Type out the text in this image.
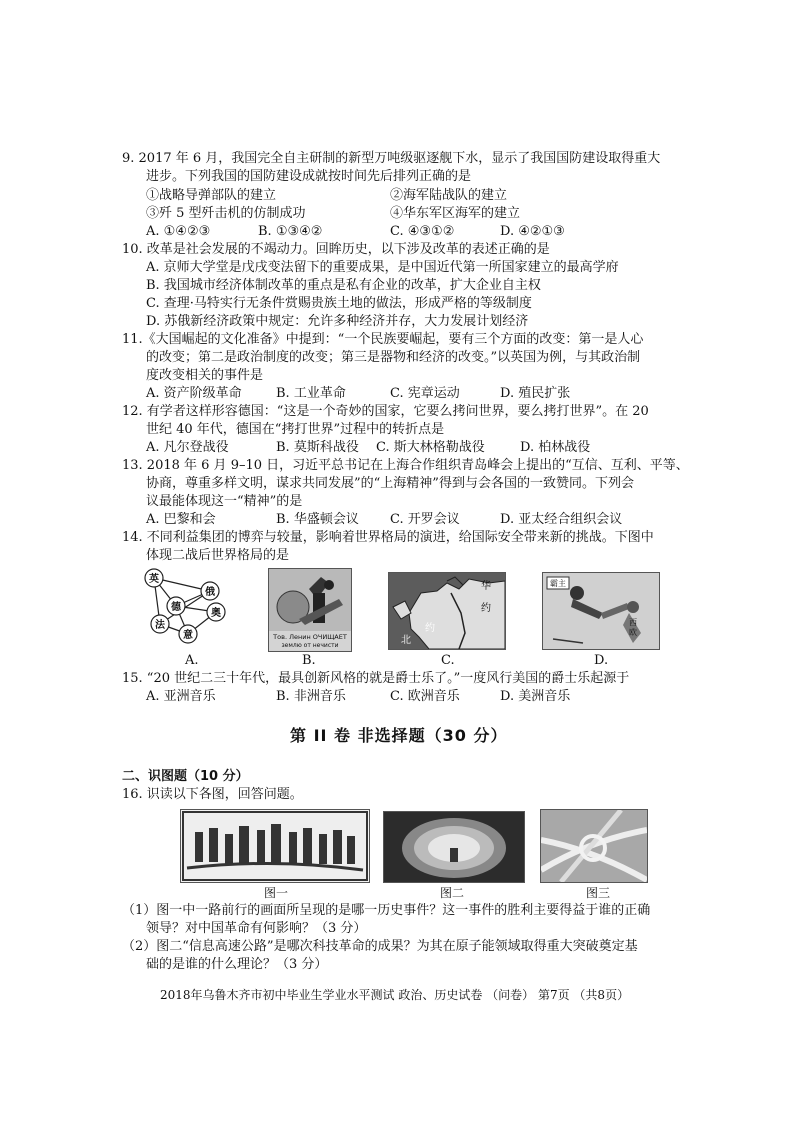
9. 2017 年 6 月，我国完全自主研制的新型万吨级驱逐舰下水，显示了我国国防建设取得重大
进步。下列我国的国防建设成就按时间先后排列正确的是
①战略导弹部队的建立	②海军陆战队的建立
③歼 5 型歼击机的仿制成功	④华东军区海军的建立
A. ①④②③	B. ①③④②	C. ④③①②	D. ④②①③
10. 改革是社会发展的不竭动力。回眸历史，以下涉及改革的表述正确的是
A. 京师大学堂是戊戌变法留下的重要成果，是中国近代第一所国家建立的最高学府
B. 我国城市经济体制改革的重点是私有企业的改革，扩大企业自主权
C. 查理·马特实行无条件赏赐贵族土地的做法，形成严格的等级制度
D. 苏俄新经济政策中规定：允许多种经济并存，大力发展计划经济
11.《大国崛起的文化准备》中提到：“一个民族要崛起，要有三个方面的改变：第一是人心
的改变；第二是政治制度的改变；第三是器物和经济的改变。”以英国为例，与其政治制
度改变相关的事件是
A. 资产阶级革命	B. 工业革命	C. 宪章运动	D. 殖民扩张
12. 有学者这样形容德国：“这是一个奇妙的国家，它要么拷问世界，要么拷打世界”。在 20
世纪 40 年代，德国在“拷打世界”过程中的转折点是
A. 凡尔登战役	B. 莫斯科战役 C. 斯大林格勒战役	D. 柏林战役
13. 2018 年 6 月 9–10 日，习近平总书记在上海合作组织青岛峰会上提出的“互信、互利、平等、
协商，尊重多样文明，谋求共同发展”的“上海精神”得到与会各国的一致赞同。下列会
议最能体现这一“精神”的是
A. 巴黎和会	B. 华盛顿会议 C. 开罗会议	D. 亚太经合组织会议
14. 不同利益集团的博弈与较量，影响着世界格局的演进，给国际安全带来新的挑战。下图中
体现二战后世界格局的是
英
俄
德
奥
法
意	Тов. Ленин ОЧИЩАЕТ
землю от нечисти
华
约
北
约
霸主
西
欧
A.	B.	C.	D.
15. “20 世纪二三十年代，最具创新风格的就是爵士乐了。”一度风行美国的爵士乐起源于
A. 亚洲音乐	B. 非洲音乐	C. 欧洲音乐	D. 美洲音乐
第 II 卷 非选择题（30 分）
二、识图题（10 分）
16. 识读以下各图，回答问题。
图一	图二	图三
（1）图一中一路前行的画面所呈现的是哪一历史事件？这一事件的胜利主要得益于谁的正确
领导？对中国革命有何影响？（3 分）
（2）图二“信息高速公路”是哪次科技革命的成果？为其在原子能领域取得重大突破奠定基
础的是谁的什么理论？（3 分）
2018年乌鲁木齐市初中毕业生学业水平测试 政治、历史试卷 （问卷） 第7页 （共8页）
